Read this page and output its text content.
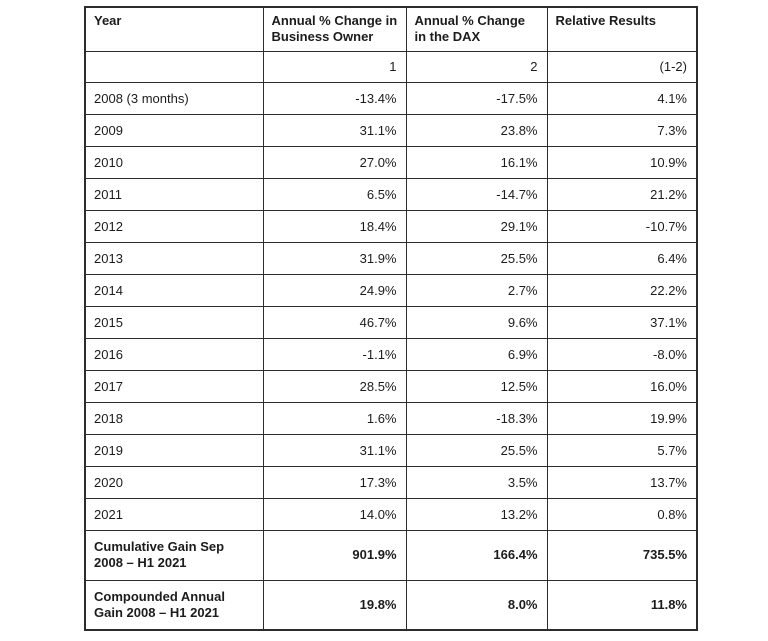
Year	Annual % Change in Business Owner	Annual % Change in the DAX	Relative Results
	1	2	(1-2)
2008 (3 months)	-13.4%	-17.5%	4.1%
2009	31.1%	23.8%	7.3%
2010	27.0%	16.1%	10.9%
2011	6.5%	-14.7%	21.2%
2012	18.4%	29.1%	-10.7%
2013	31.9%	25.5%	6.4%
2014	24.9%	2.7%	22.2%
2015	46.7%	9.6%	37.1%
2016	-1.1%	6.9%	-8.0%
2017	28.5%	12.5%	16.0%
2018	1.6%	-18.3%	19.9%
2019	31.1%	25.5%	5.7%
2020	17.3%	3.5%	13.7%
2021	14.0%	13.2%	0.8%
Cumulative Gain Sep 2008 – H1 2021	901.9%	166.4%	735.5%
Compounded Annual Gain 2008 – H1 2021	19.8%	8.0%	11.8%
